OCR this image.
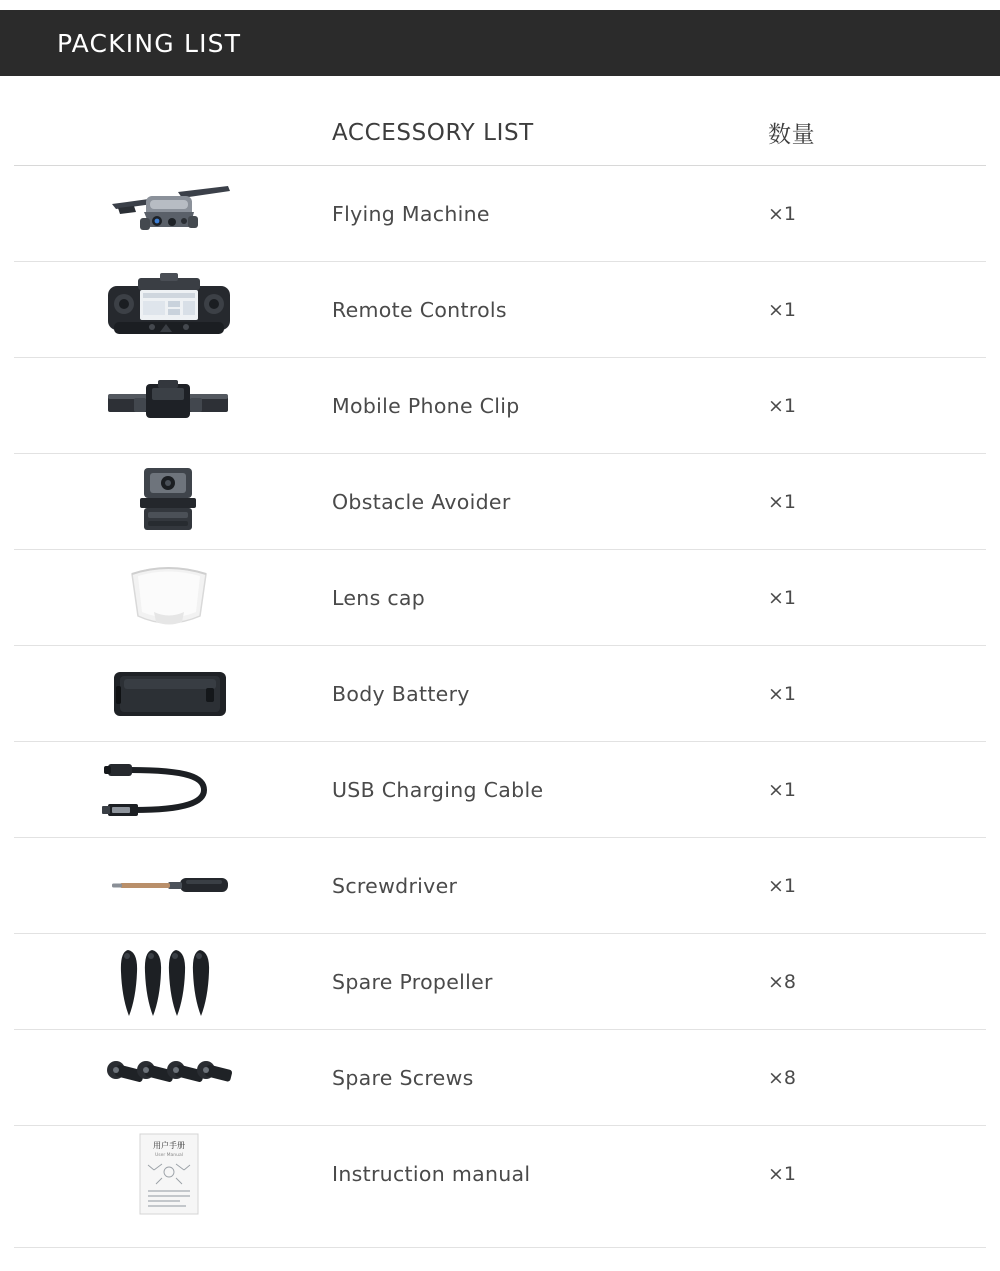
PACKING LIST
ACCESSORY LIST	数量
Flying Machine	×1
Remote Controls	×1
Mobile Phone Clip	×1
Obstacle Avoider	×1
Lens cap	×1
Body Battery	×1
USB Charging Cable	×1
Screwdriver	×1
Spare Propeller	×8
Spare Screws	×8
用户手册
User Manual
Instruction manual	×1
